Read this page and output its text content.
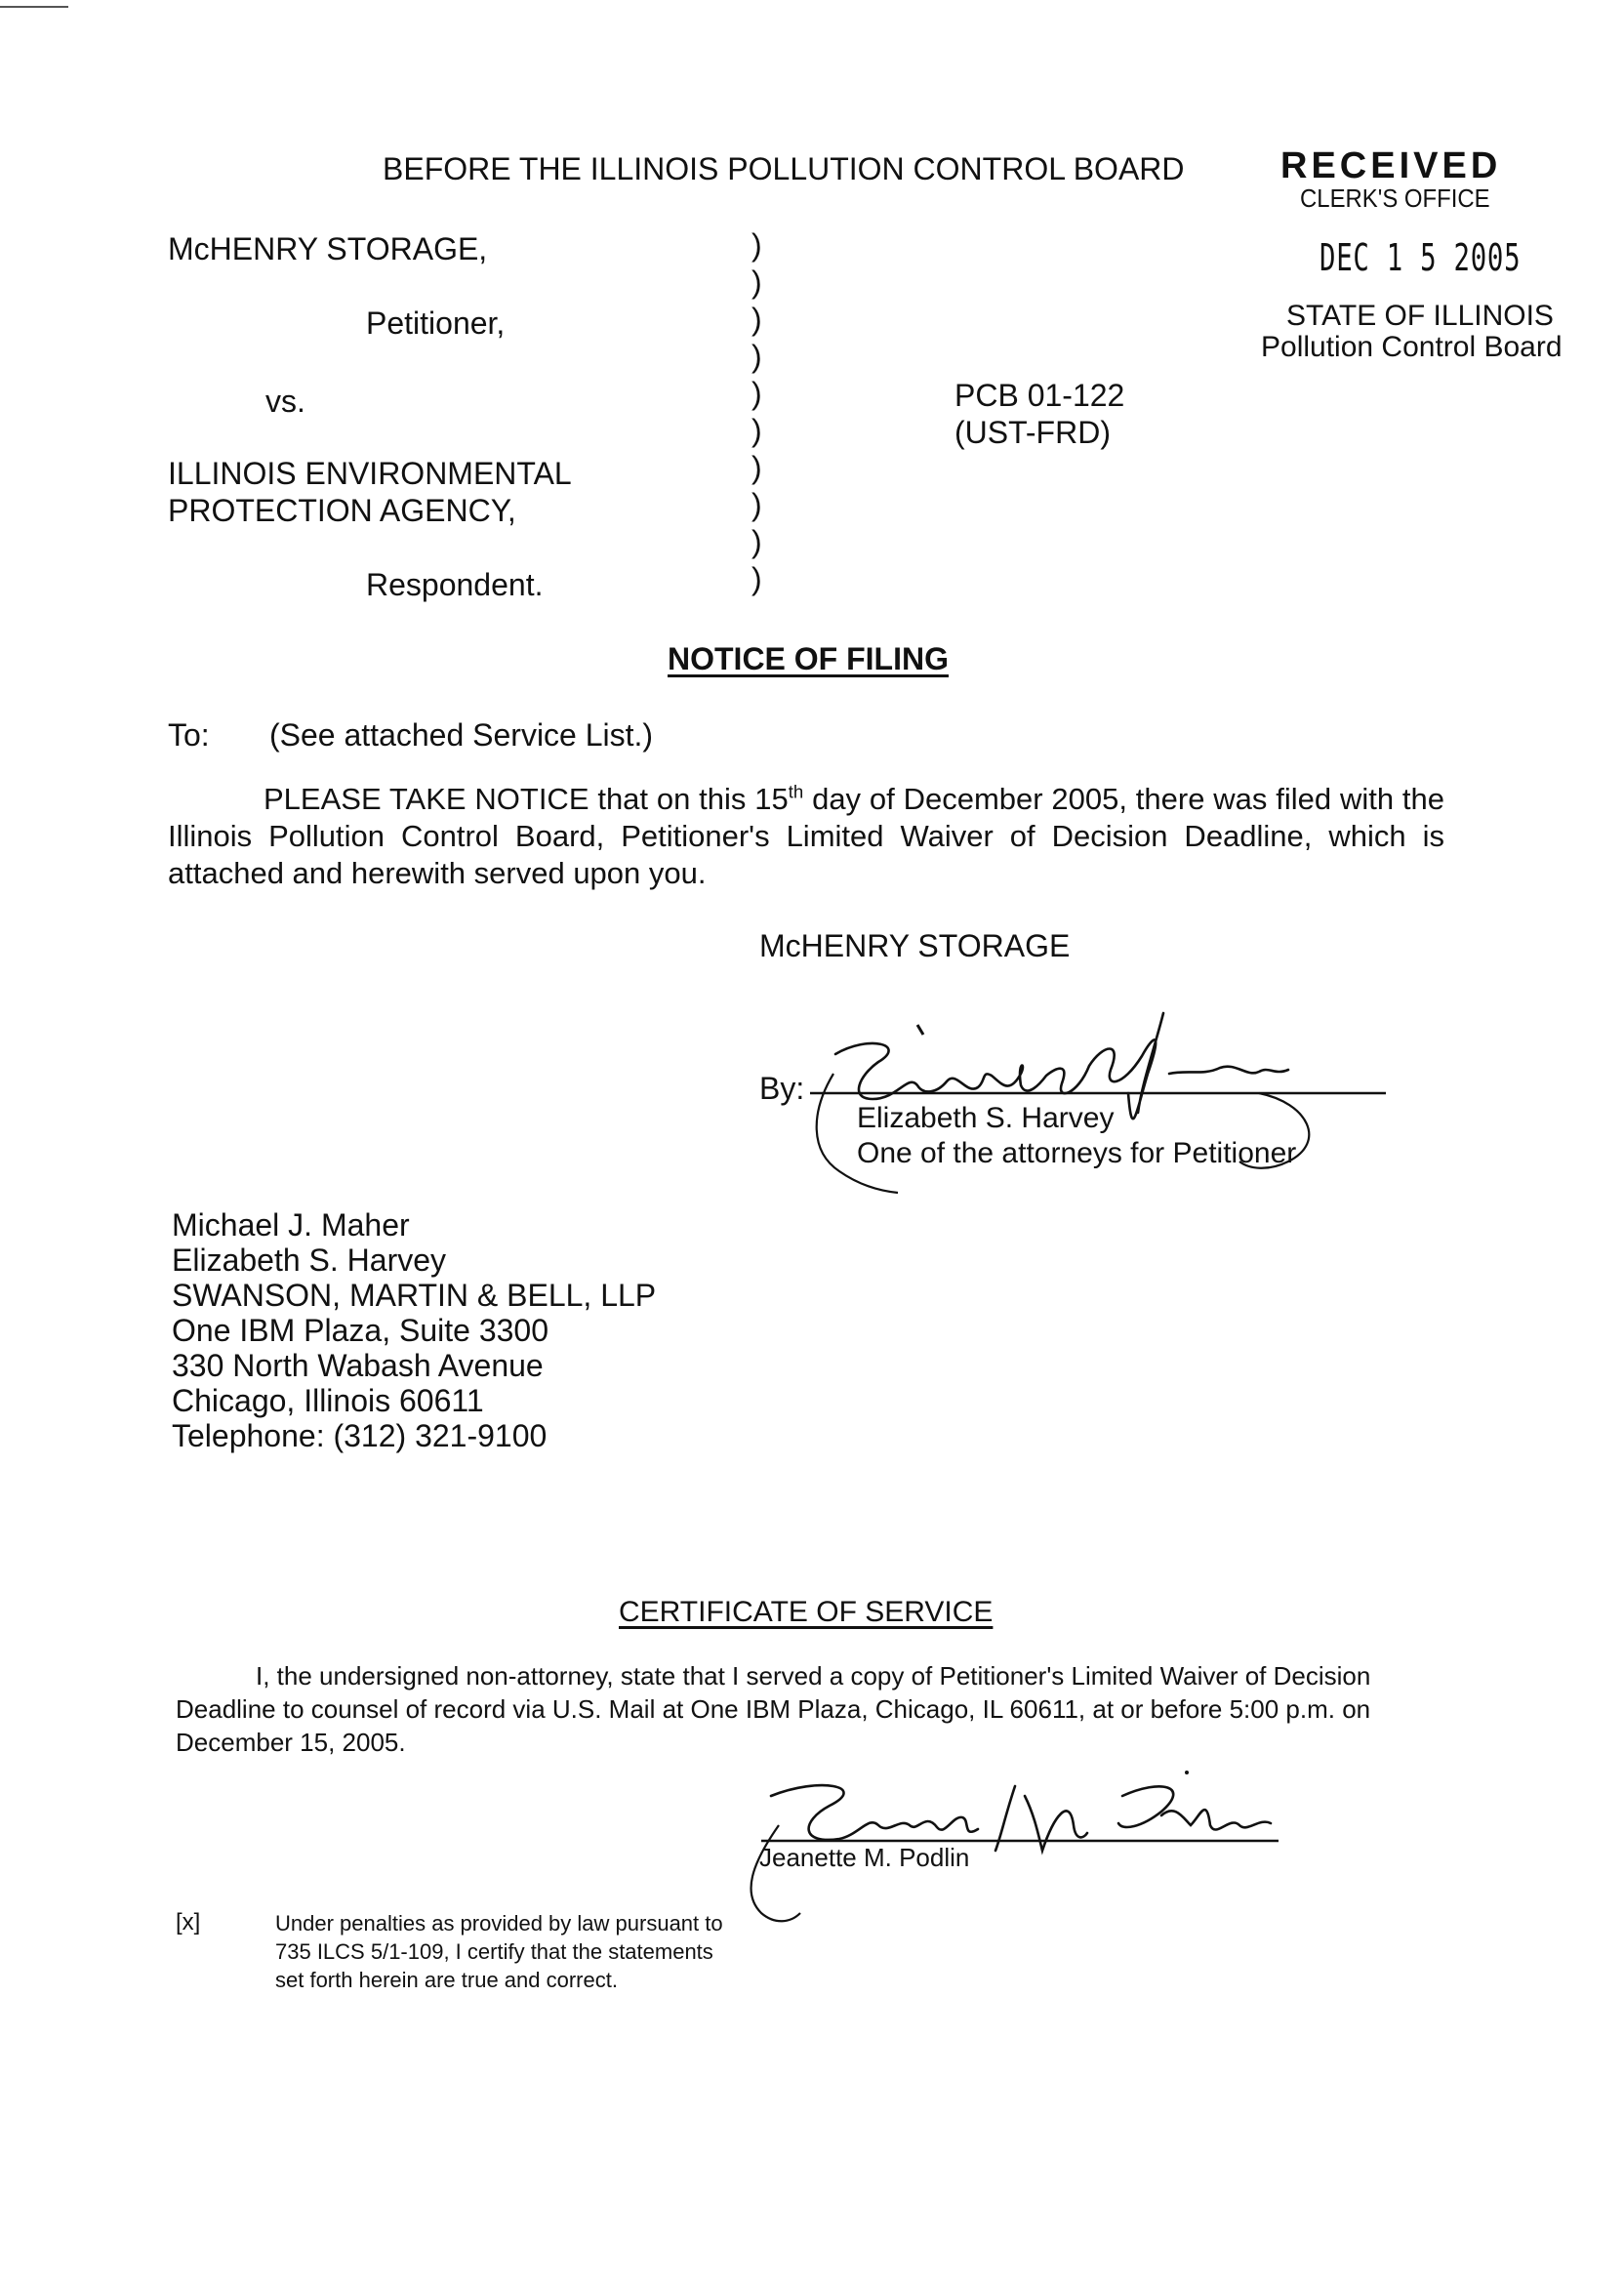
BEFORE THE ILLINOIS POLLUTION CONTROL BOARD	RECEIVED
CLERK'S OFFICE
DEC 1 5 2005
STATE OF ILLINOIS
Pollution Control Board
McHENRY STORAGE,
Petitioner,
vs.
ILLINOIS ENVIRONMENTAL
PROTECTION AGENCY,
Respondent.
)
)
)
)
)
)
)
)
)
)
PCB 01-122
(UST-FRD)
NOTICE OF FILING
To: (See attached Service List.)
PLEASE TAKE NOTICE that on this 15th day of December 2005, there was filed with the Illinois Pollution Control Board, Petitioner's Limited Waiver of Decision Deadline, which is attached and herewith served upon you.
McHENRY STORAGE
By:
Elizabeth S. Harvey
One of the attorneys for Petitioner
Michael J. Maher
Elizabeth S. Harvey
SWANSON, MARTIN & BELL, LLP
One IBM Plaza, Suite 3300
330 North Wabash Avenue
Chicago, Illinois 60611
Telephone: (312) 321-9100
CERTIFICATE OF SERVICE
I, the undersigned non-attorney, state that I served a copy of Petitioner's Limited Waiver of Decision Deadline to counsel of record via U.S. Mail at One IBM Plaza, Chicago, IL 60611, at or before 5:00 p.m. on December 15, 2005.
Jeanette M. Podlin
[x]	Under penalties as provided by law pursuant to 735 ILCS 5/1-109, I certify that the statements set forth herein are true and correct.
